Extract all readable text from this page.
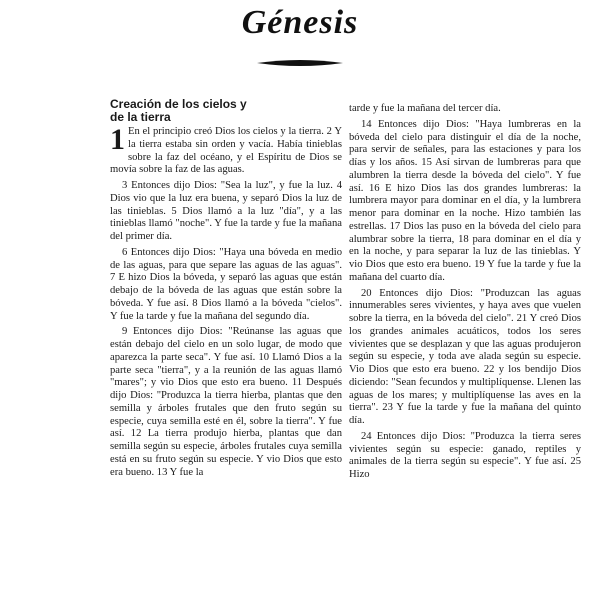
Génesis
Creación de los cielos y
de la tierra

1 En el principio creó Dios los cielos y la tierra. 2 Y la tierra estaba sin orden y vacía. Había tinieblas sobre la faz del océano, y el Espíritu de Dios se movía sobre la faz de las aguas.

3 Entonces dijo Dios: "Sea la luz", y fue la luz. 4 Dios vio que la luz era buena, y separó Dios la luz de las tinieblas. 5 Dios llamó a la luz "día", y a las tinieblas llamó "noche". Y fue la tarde y fue la mañana del primer día.

6 Entonces dijo Dios: "Haya una bóveda en medio de las aguas, para que separe las aguas de las aguas". 7 E hizo Dios la bóveda, y separó las aguas que están debajo de la bóveda de las aguas que están sobre la bóveda. Y fue así. 8 Dios llamó a la bóveda "cielos". Y fue la tarde y fue la mañana del segundo día.

9 Entonces dijo Dios: "Reúnanse las aguas que están debajo del cielo en un solo lugar, de modo que aparezca la parte seca". Y fue así. 10 Llamó Dios a la parte seca "tierra", y a la reunión de las aguas llamó "mares"; y vio Dios que esto era bueno. 11 Después dijo Dios: "Produzca la tierra hierba, plantas que den semilla y árboles frutales que den fruto según su especie, cuya semilla esté en él, sobre la tierra". Y fue así. 12 La tierra produjo hierba, plantas que dan semilla según su especie, árboles frutales cuya semilla está en su fruto según su especie. Y vio Dios que esto era bueno. 13 Y fue la

tarde y fue la mañana del tercer día.

14 Entonces dijo Dios: "Haya lumbreras en la bóveda del cielo para distinguir el día de la noche, para servir de señales, para las estaciones y para los días y los años. 15 Así sirvan de lumbreras para que alumbren la tierra desde la bóveda del cielo". Y fue así. 16 E hizo Dios las dos grandes lumbreras: la lumbrera mayor para dominar en el día, y la lumbrera menor para dominar en la noche. Hizo también las estrellas. 17 Dios las puso en la bóveda del cielo para alumbrar sobre la tierra, 18 para dominar en el día y en la noche, y para separar la luz de las tinieblas. Y vio Dios que esto era bueno. 19 Y fue la tarde y fue la mañana del cuarto día.

20 Entonces dijo Dios: "Produzcan las aguas innumerables seres vivientes, y haya aves que vuelen sobre la tierra, en la bóveda del cielo". 21 Y creó Dios los grandes animales acuáticos, todos los seres vivientes que se desplazan y que las aguas produjeron según su especie, y toda ave alada según su especie. Vio Dios que esto era bueno. 22 y los bendijo Dios diciendo: "Sean fecundos y multiplíquense. Llenen las aguas de los mares; y multiplíquense las aves en la tierra". 23 Y fue la tarde y fue la mañana del quinto día.

24 Entonces dijo Dios: "Produzca la tierra seres vivientes según su especie: ganado, reptiles y animales de la tierra según su especie". Y fue así. 25 Hizo
